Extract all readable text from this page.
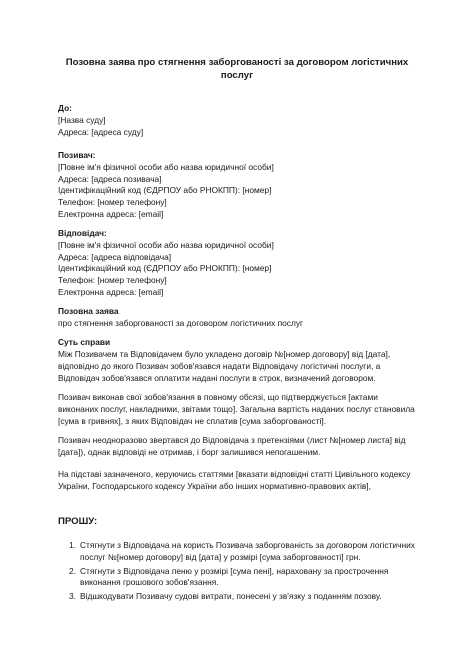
Позовна заява про стягнення заборгованості за договором логістичних послуг
До:
[Назва суду]
Адреса: [адреса суду]
Позивач:
[Повне ім'я фізичної особи або назва юридичної особи]
Адреса: [адреса позивача]
Ідентифікаційний код (ЄДРПОУ або РНОКПП): [номер]
Телефон: [номер телефону]
Електронна адреса: [email]
Відповідач:
[Повне ім'я фізичної особи або назва юридичної особи]
Адреса: [адреса відповідача]
Ідентифікаційний код (ЄДРПОУ або РНОКПП): [номер]
Телефон: [номер телефону]
Електронна адреса: [email]
Позовна заява
про стягнення заборгованості за договором логістичних послуг
Суть справи
Між Позивачем та Відповідачем було укладено договір №[номер договору] від [дата], відповідно до якого Позивач зобов'язався надати Відповідачу логістичні послуги, а Відповідач зобов'язався оплатити надані послуги в строк, визначений договором.
Позивач виконав свої зобов'язання в повному обсязі, що підтверджується [актами виконаних послуг, накладними, звітами тощо]. Загальна вартість наданих послуг становила [сума в гривнях], з яких Відповідач не сплатив [сума заборгованості].
Позивач неодноразово звертався до Відповідача з претензіями (лист №[номер листа] від [дата]), однак відповіді не отримав, і борг залишився непогашеним.
На підставі зазначеного, керуючись статтями [вказати відповідні статті Цивільного кодексу України, Господарського кодексу України або інших нормативно-правових актів],
ПРОШУ:
1. Стягнути з Відповідача на користь Позивача заборгованість за договором логістичних послуг №[номер договору] від [дата] у розмірі [сума заборгованості] грн.
2. Стягнути з Відповідача пеню у розмірі [сума пені], нараховану за прострочення виконання грошового зобов'язання.
3. Відшкодувати Позивачу судові витрати, понесені у зв'язку з поданням позову.
